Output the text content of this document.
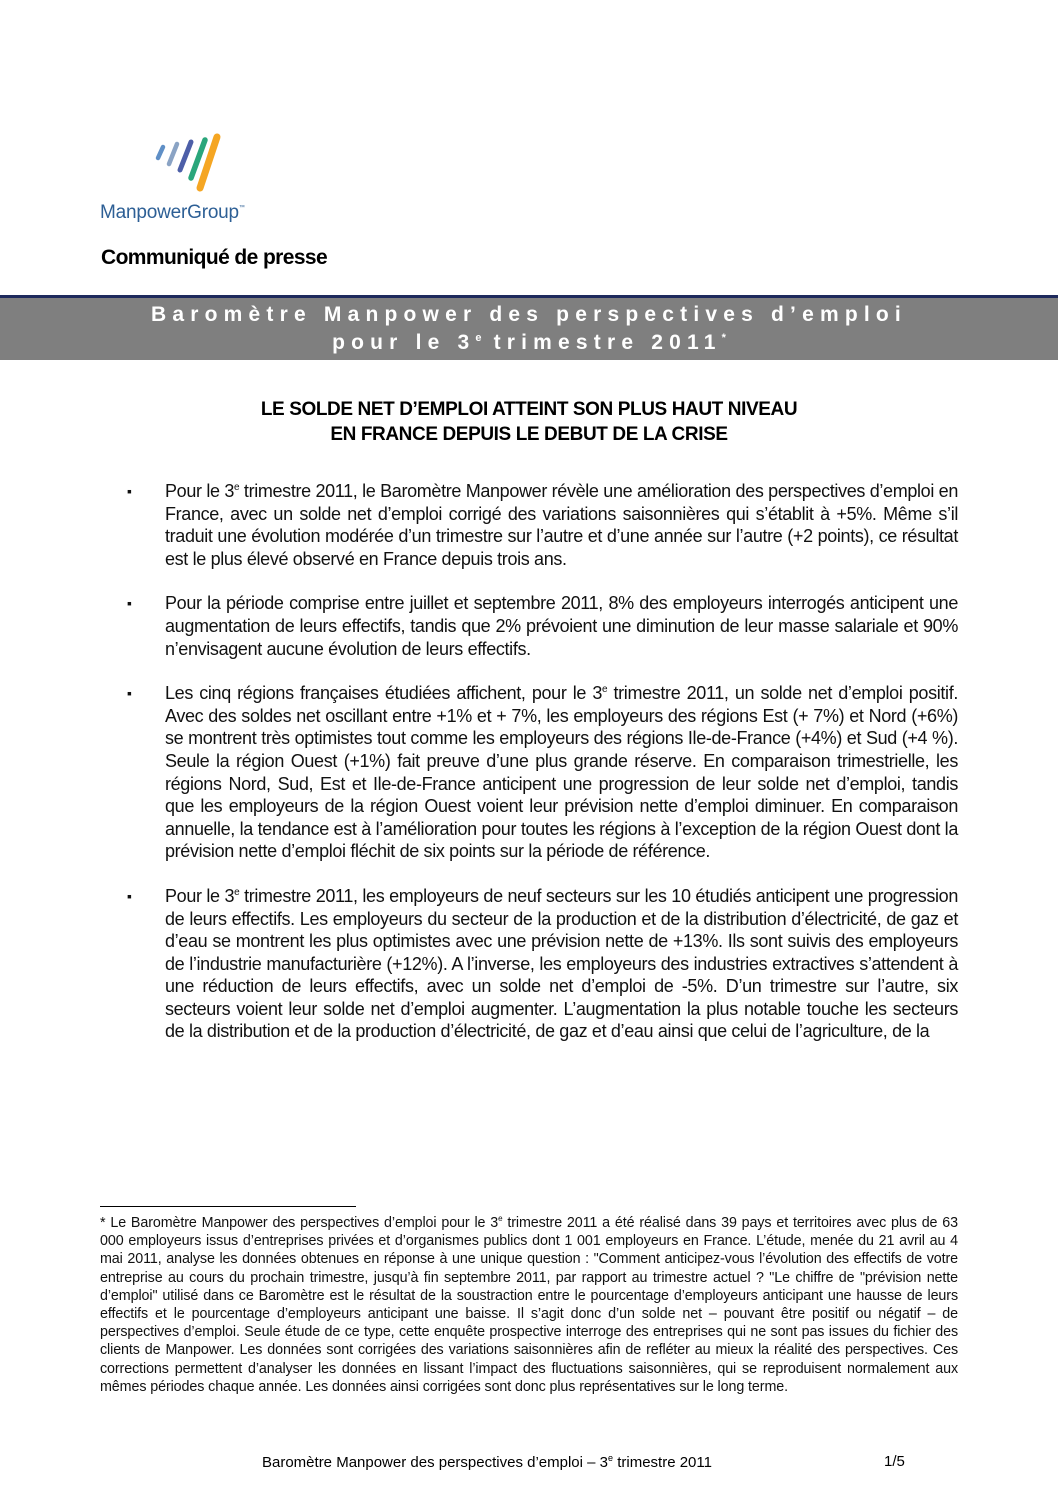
ManpowerGroup™
Communiqué de presse
Baromètre Manpower des perspectives d’emploi
pour le 3e trimestre 2011*
LE SOLDE NET D’EMPLOI ATTEINT SON PLUS HAUT NIVEAU
EN FRANCE DEPUIS LE DEBUT DE LA CRISE
▪ Pour le 3e trimestre 2011, le Baromètre Manpower révèle une amélioration des perspectives d’emploi en France, avec un solde net d’emploi corrigé des variations saisonnières qui s’établit à +5%. Même s’il traduit une évolution modérée d’un trimestre sur l’autre et d’une année sur l’autre (+2 points), ce résultat est le plus élevé observé en France depuis trois ans.
▪ Pour la période comprise entre juillet et septembre 2011, 8% des employeurs interrogés anticipent une augmentation de leurs effectifs, tandis que 2% prévoient une diminution de leur masse salariale et 90% n’envisagent aucune évolution de leurs effectifs.
▪ Les cinq régions françaises étudiées affichent, pour le 3e trimestre 2011, un solde net d’emploi positif. Avec des soldes net oscillant entre +1% et + 7%, les employeurs des régions Est (+ 7%) et Nord (+6%) se montrent très optimistes tout comme les employeurs des régions Ile-de-France (+4%) et Sud (+4 %). Seule la région Ouest (+1%) fait preuve d’une plus grande réserve. En comparaison trimestrielle, les régions Nord, Sud, Est et Ile-de-France anticipent une progression de leur solde net d’emploi, tandis que les employeurs de la région Ouest voient leur prévision nette d’emploi diminuer. En comparaison annuelle, la tendance est à l’amélioration pour toutes les régions à l’exception de la région Ouest dont la prévision nette d’emploi fléchit de six points sur la période de référence.
▪ Pour le 3e trimestre 2011, les employeurs de neuf secteurs sur les 10 étudiés anticipent une progression de leurs effectifs. Les employeurs du secteur de la production et de la distribution d’électricité, de gaz et d’eau se montrent les plus optimistes avec une prévision nette de +13%. Ils sont suivis des employeurs de l’industrie manufacturière (+12%). A l’inverse, les employeurs des industries extractives s’attendent à une réduction de leurs effectifs, avec un solde net d’emploi de -5%. D’un trimestre sur l’autre, six secteurs voient leur solde net d’emploi augmenter. L’augmentation la plus notable touche les secteurs de la distribution et de la production d’électricité, de gaz et d’eau ainsi que celui de l’agriculture, de la
* Le Baromètre Manpower des perspectives d’emploi pour le 3e trimestre 2011 a été réalisé dans 39 pays et territoires avec plus de 63 000 employeurs issus d’entreprises privées et d’organismes publics dont 1 001 employeurs en France. L’étude, menée du 21 avril au 4 mai 2011, analyse les données obtenues en réponse à une unique question : "Comment anticipez-vous l’évolution des effectifs de votre entreprise au cours du prochain trimestre, jusqu’à fin septembre 2011, par rapport au trimestre actuel ? "Le chiffre de "prévision nette d’emploi" utilisé dans ce Baromètre est le résultat de la soustraction entre le pourcentage d’employeurs anticipant une hausse de leurs effectifs et le pourcentage d’employeurs anticipant une baisse. Il s’agit donc d’un solde net – pouvant être positif ou négatif – de perspectives d’emploi. Seule étude de ce type, cette enquête prospective interroge des entreprises qui ne sont pas issues du fichier des clients de Manpower. Les données sont corrigées des variations saisonnières afin de refléter au mieux la réalité des perspectives. Ces corrections permettent d’analyser les données en lissant l’impact des fluctuations saisonnières, qui se reproduisent normalement aux mêmes périodes chaque année. Les données ainsi corrigées sont donc plus représentatives sur le long terme.
Baromètre Manpower des perspectives d’emploi – 3e trimestre 2011	1/5
